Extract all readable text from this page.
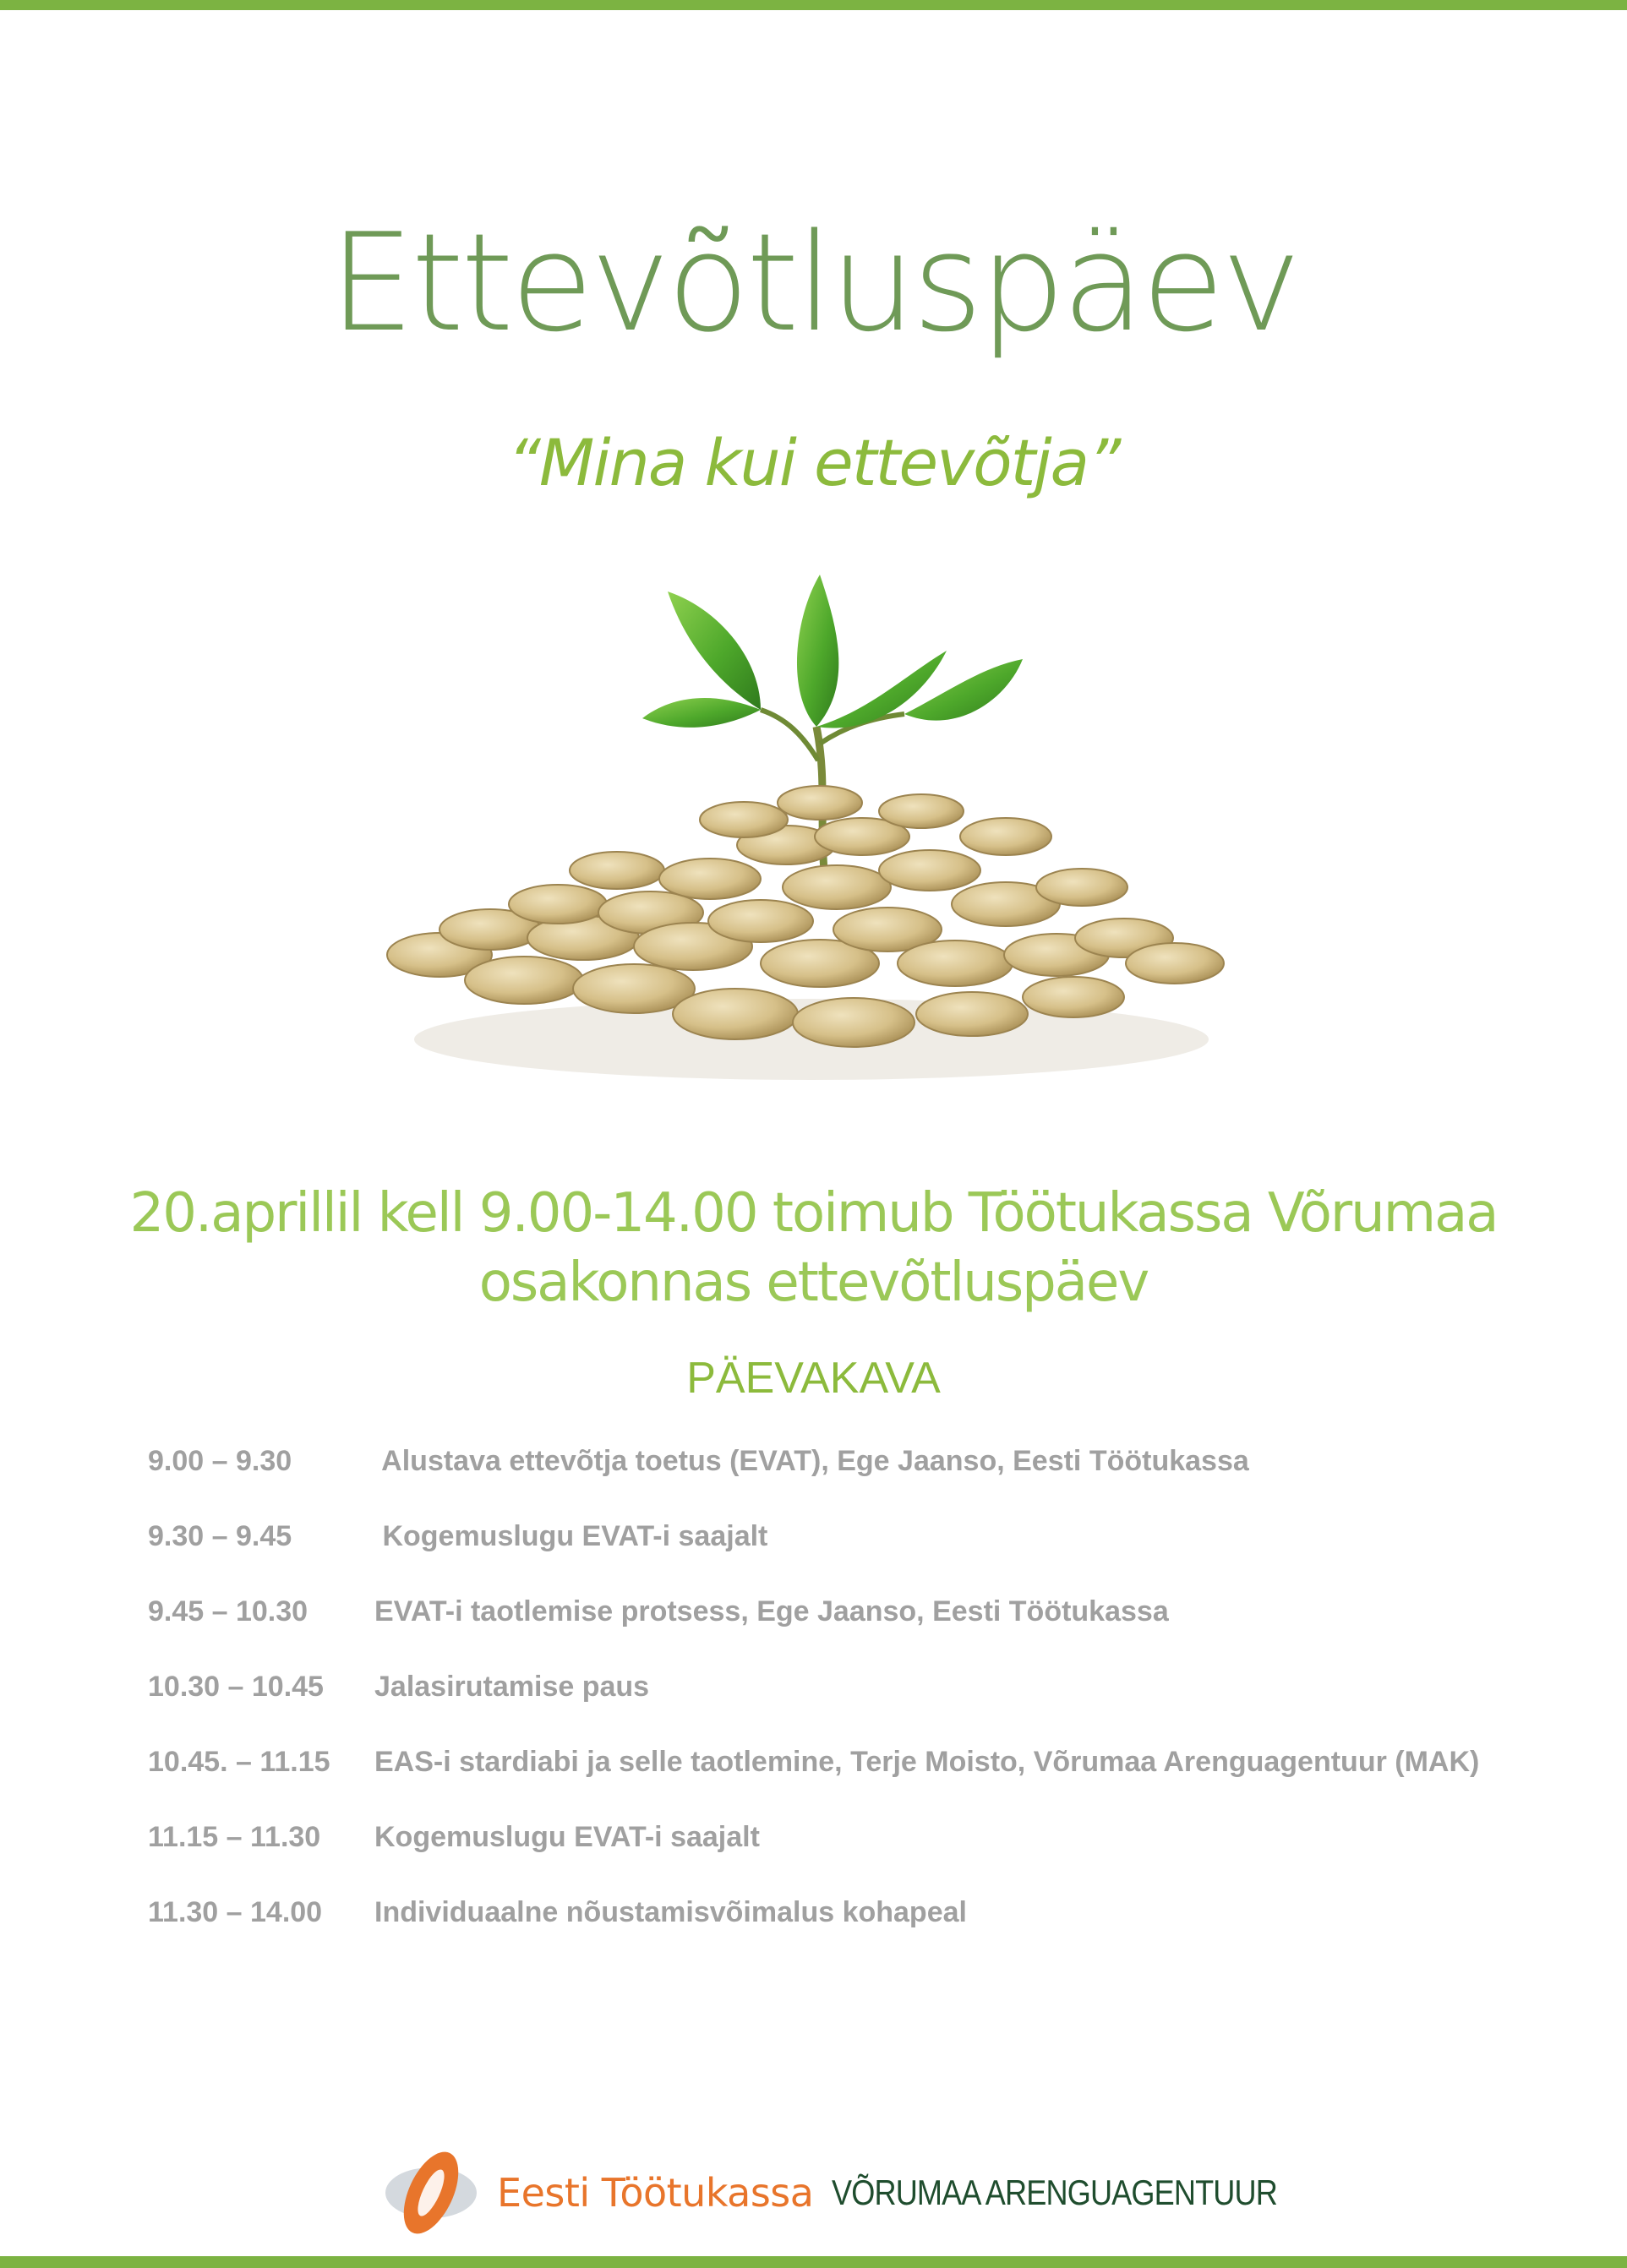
Ettevõtluspäev
“Mina kui ettevõtja”
20.aprillil kell 9.00-14.00 toimub Töötukassa Võrumaa
osakonnas ettevõtluspäev
PÄEVAKAVA
9.00 – 9.30	Alustava ettevõtja toetus (EVAT), Ege Jaanso, Eesti Töötukassa
9.30 – 9.45	Kogemuslugu EVAT-i saajalt
9.45 – 10.30	EVAT-i taotlemise protsess, Ege Jaanso, Eesti Töötukassa
10.30 – 10.45	Jalasirutamise paus
10.45. – 11.15	EAS-i stardiabi ja selle taotlemine, Terje Moisto, Võrumaa Arenguagentuur (MAK)
11.15 – 11.30	Kogemuslugu EVAT-i saajalt
11.30 – 14.00	Individuaalne nõustamisvõimalus kohapeal
Eesti Töötukassa VÕRUMAA ARENGUAGENTUUR
